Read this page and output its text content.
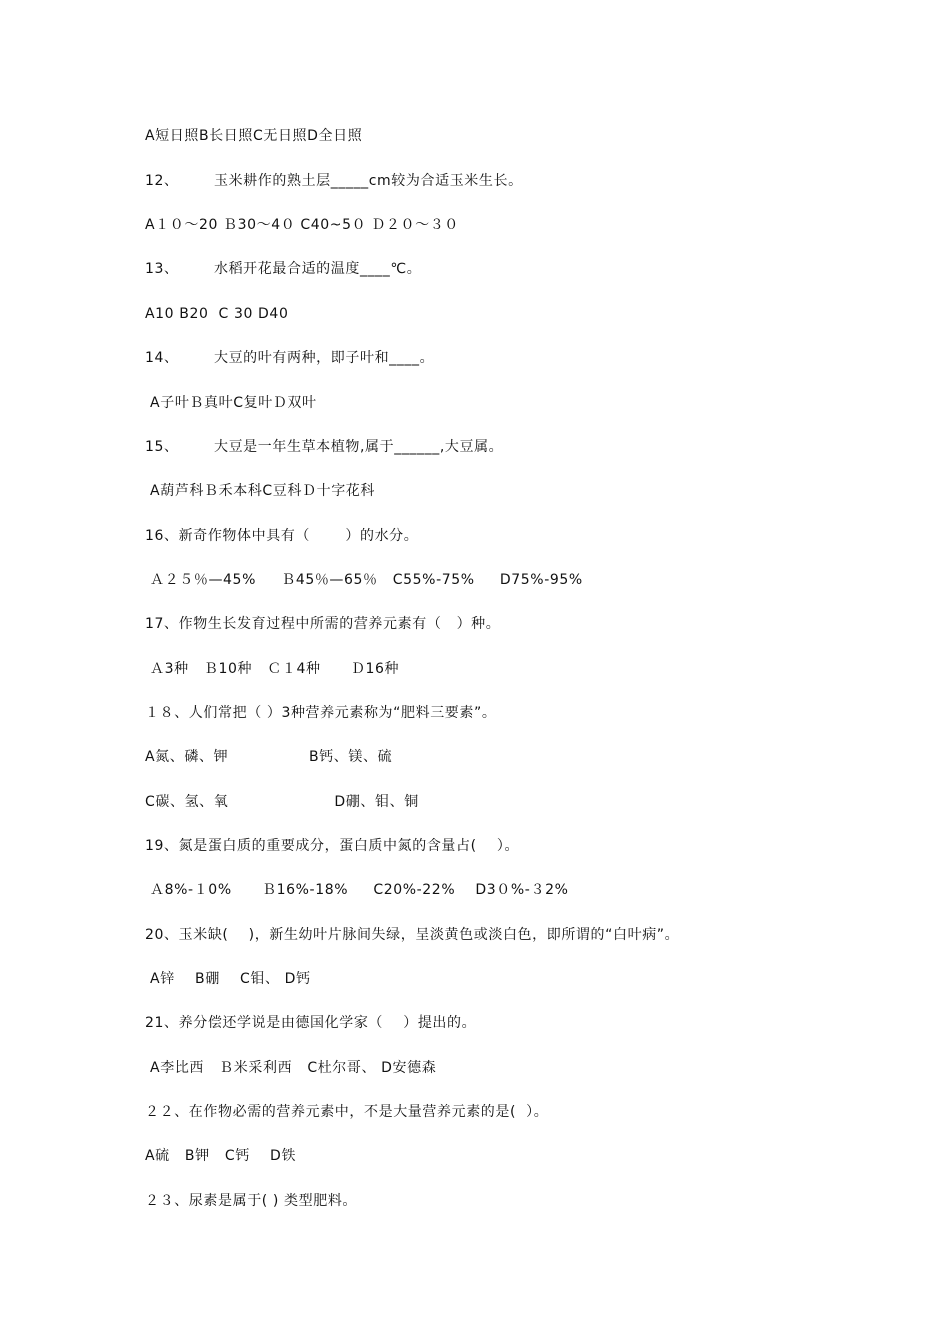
A短日照B长日照C无日照D全日照
12、       玉米耕作的熟土层_____cm较为合适玉米生长。
A１０～20 Ｂ30～4０ C40~5０ Ｄ２０～３０
13、       水稻开花最合适的温度____℃。
A10 B20  C 30 D40
14、       大豆的叶有两种，即子叶和____。
A子叶Ｂ真叶C复叶Ｄ双叶
15、       大豆是一年生草本植物,属于______,大豆属。
A葫芦科Ｂ禾本科C豆科Ｄ十字花科
16、新奇作物体中具有（       ）的水分。
Ａ２５％—45%     Ｂ45％—65％   C55%-75%     D75%-95%
17、作物生长发育过程中所需的营养元素有（   ）种。
Ａ3种   Ｂ10种   Ｃ１4种      Ｄ16种
１８、人们常把（ ）3种营养元素称为“肥料三要素”。
A氮、磷、钾                B钙、镁、硫
C碳、氢、氧                     D硼、钼、铜
19、氮是蛋白质的重要成分，蛋白质中氮的含量占(    ）。
Ａ8%-１0%      Ｂ16%-18%     C20%-22%    D3０%-３2%
20、玉米缺(    )，新生幼叶片脉间失绿，呈淡黄色或淡白色，即所谓的“白叶病”。
A锌    B硼    C钼、 D钙
21、养分偿还学说是由德国化学家（    ）提出的。
A李比西   Ｂ米采利西   C杜尔哥、 D安德森
２２、在作物必需的营养元素中，不是大量营养元素的是(  ）。
A硫   B钾   C钙    D铁
２３、尿素是属于( ) 类型肥料。
